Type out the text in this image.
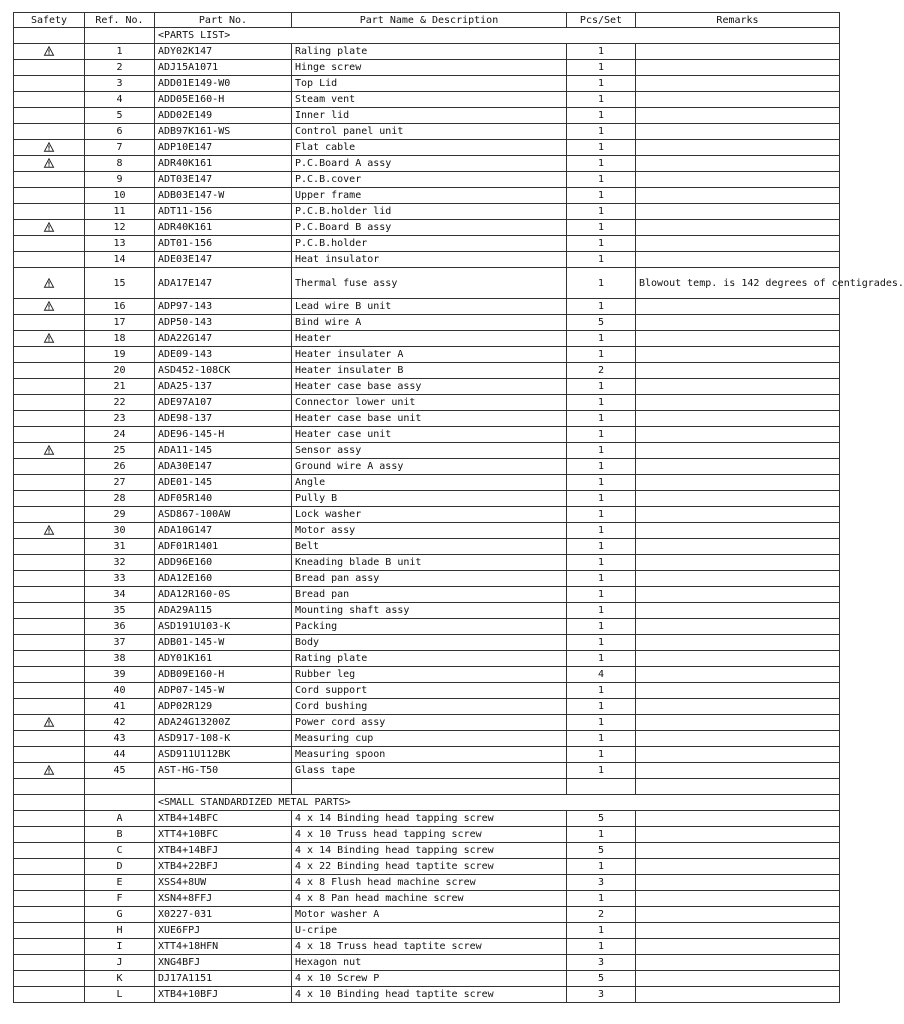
Safety	Ref. No.	Part No.	Part Name & Description	Pcs/Set	Remarks
		<PARTS LIST>			

	1	ADY02K147	Raling plate	1	
	2	ADJ15A1071	Hinge screw	1	
	3	ADD01E149-W0	Top Lid	1	
	4	ADD05E160-H	Steam vent	1	
	5	ADD02E149	Inner lid	1	
	6	ADB97K161-WS	Control panel unit	1	

	7	ADP10E147	Flat cable	1	

	8	ADR40K161	P.C.Board A assy	1	
	9	ADT03E147	P.C.B.cover	1	
	10	ADB03E147-W	Upper frame	1	
	11	ADT11-156	P.C.B.holder lid	1	

	12	ADR40K161	P.C.Board B assy	1	
	13	ADT01-156	P.C.B.holder	1	
	14	ADE03E147	Heat insulator	1	

	15	ADA17E147	Thermal fuse assy	1	Blowout temp. is 142 degrees of centigrades.

	16	ADP97-143	Lead wire B unit	1	
	17	ADP50-143	Bind wire A	5	

	18	ADA22G147	Heater	1	
	19	ADE09-143	Heater insulater A	1	
	20	ASD452-108CK	Heater insulater B	2	
	21	ADA25-137	Heater case base assy	1	
	22	ADE97A107	Connector lower unit	1	
	23	ADE98-137	Heater case base unit	1	
	24	ADE96-145-H	Heater case unit	1	

	25	ADA11-145	Sensor assy	1	
	26	ADA30E147	Ground wire A assy	1	
	27	ADE01-145	Angle	1	
	28	ADF05R140	Pully B	1	
	29	ASD867-100AW	Lock washer	1	

	30	ADA10G147	Motor assy	1	
	31	ADF01R1401	Belt	1	
	32	ADD96E160	Kneading blade B unit	1	
	33	ADA12E160	Bread pan assy	1	
	34	ADA12R160-0S	Bread pan	1	
	35	ADA29A115	Mounting shaft assy	1	
	36	ASD191U103-K	Packing	1	
	37	ADB01-145-W	Body	1	
	38	ADY01K161	Rating plate	1	
	39	ADB09E160-H	Rubber leg	4	
	40	ADP07-145-W	Cord support	1	
	41	ADP02R129	Cord bushing	1	

	42	ADA24G13200Z	Power cord assy	1	
	43	ASD917-108-K	Measuring cup	1	
	44	ASD911U112BK	Measuring spoon	1	

	45	AST-HG-T50	Glass tape	1	

		<SMALL STANDARDIZED METAL PARTS>			
	A	XTB4+14BFC	4 x 14 Binding head tapping screw	5	
	B	XTT4+10BFC	4 x 10 Truss head tapping screw	1	
	C	XTB4+14BFJ	4 x 14 Binding head tapping screw	5	
	D	XTB4+22BFJ	4 x 22 Binding head taptite screw	1	
	E	XSS4+8UW	4 x 8 Flush head machine screw	3	
	F	XSN4+8FFJ	4 x 8 Pan head machine screw	1	
	G	X0227-031	Motor washer A	2	
	H	XUE6FPJ	U-cripe	1	
	I	XTT4+18HFN	4 x 18 Truss head taptite screw	1	
	J	XNG4BFJ	Hexagon nut	3	
	K	DJ17A1151	4 x 10 Screw P	5	
	L	XTB4+10BFJ	4 x 10 Binding head taptite screw	3	
